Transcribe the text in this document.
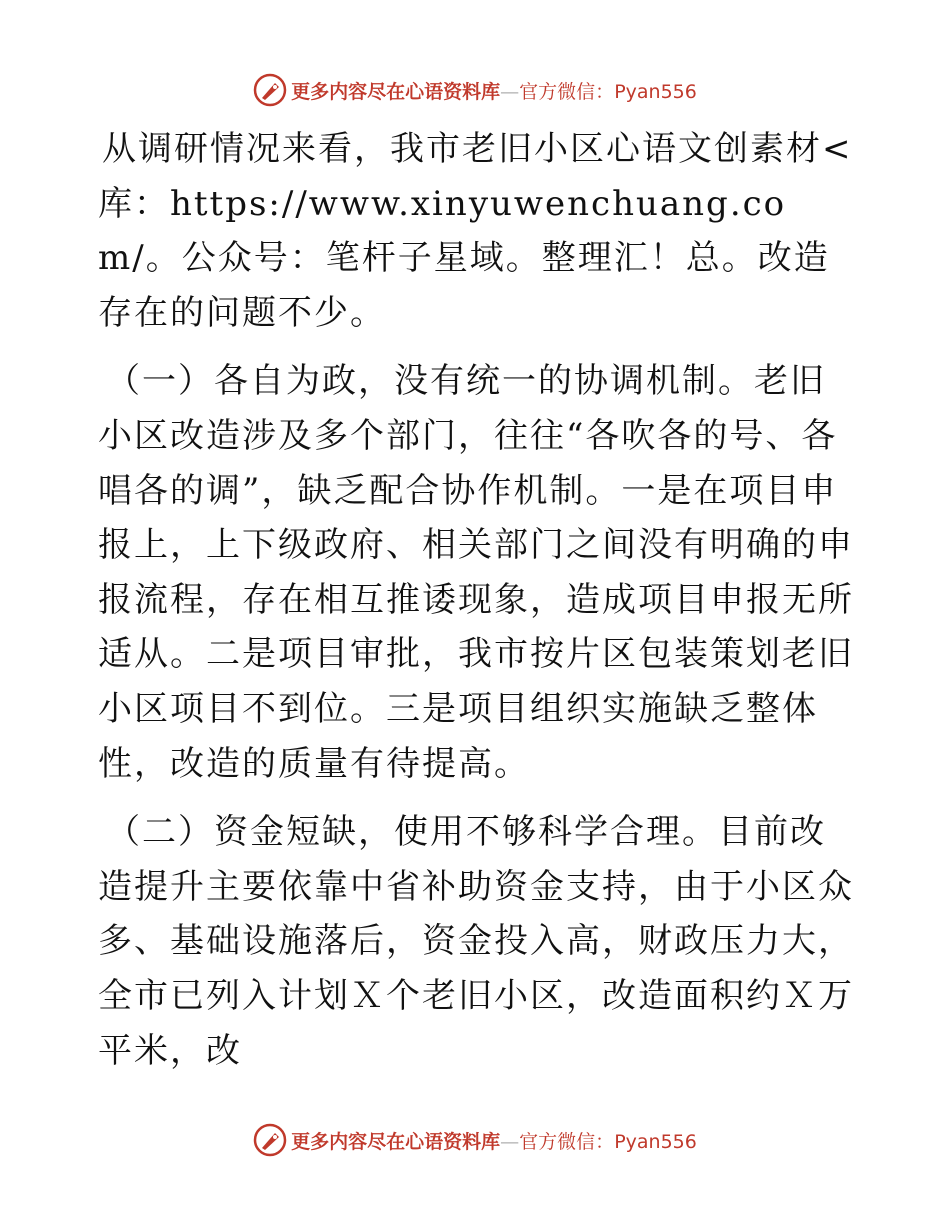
更多内容尽在心语资料库—官方微信：Pyan556

从调研情况来看，我市老旧小区心语文创素材<库：https://www.xinyuwenchuang.com/。公众号：笔杆子星域。整理汇！总。改造存在的问题不少。

（一）各自为政，没有统一的协调机制。老旧小区改造涉及多个部门，往往“各吹各的号、各唱各的调”，缺乏配合协作机制。一是在项目申报上，上下级政府、相关部门之间没有明确的申报流程，存在相互推诿现象，造成项目申报无所适从。二是项目审批，我市按片区包装策划老旧小区项目不到位。三是项目组织实施缺乏整体性，改造的质量有待提高。

（二）资金短缺，使用不够科学合理。目前改造提升主要依靠中省补助资金支持，由于小区众多、基础设施落后，资金投入高，财政压力大，全市已列入计划Ｘ个老旧小区，改造面积约Ｘ万平米，改

更多内容尽在心语资料库—官方微信：Pyan556
